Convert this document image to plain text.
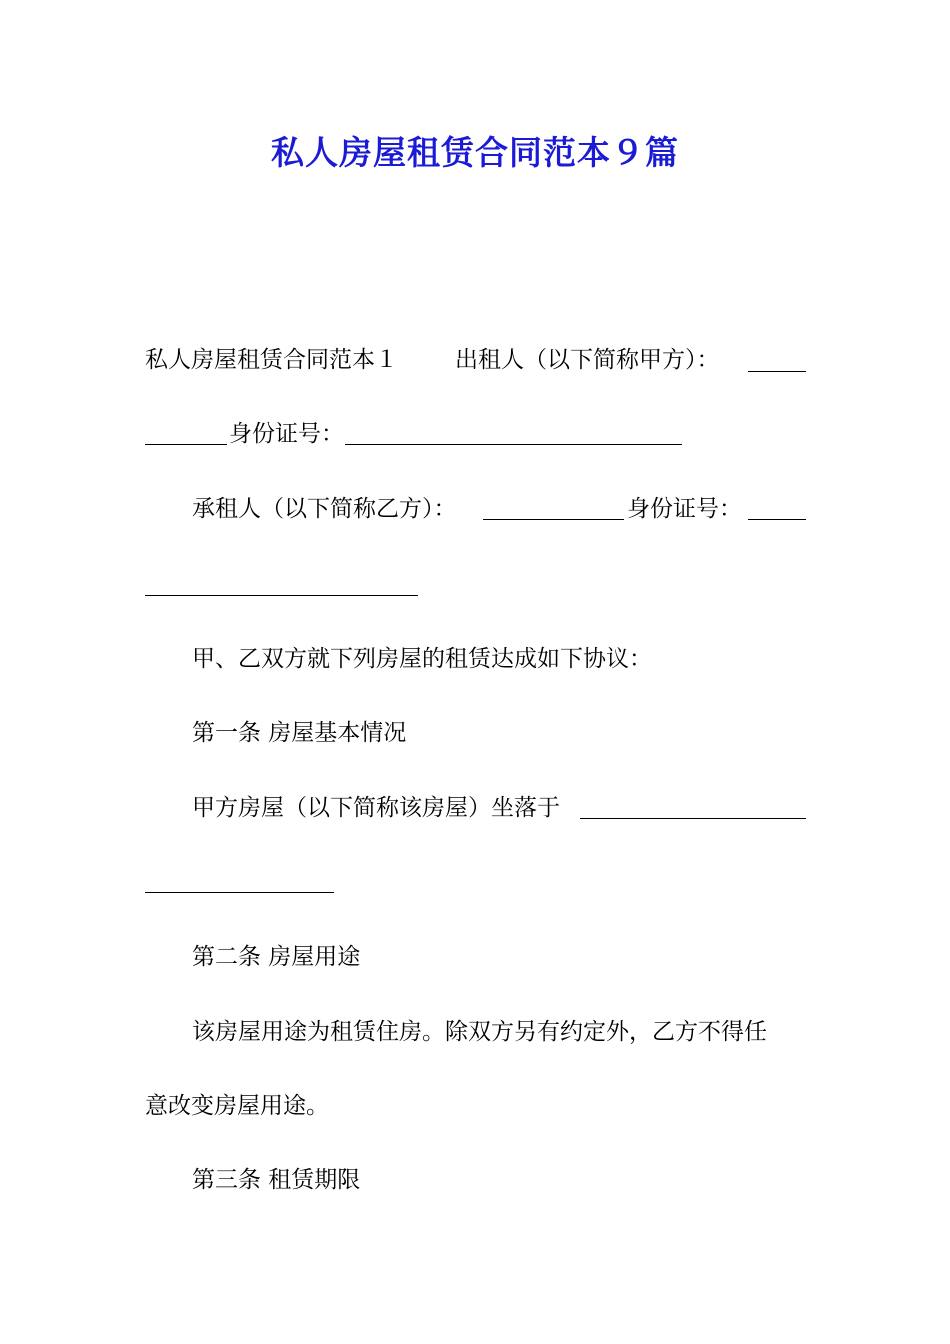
私人房屋租赁合同范本９篇
私人房屋租赁合同范本１ 出租人（以下简称甲方）：
身份证号：
承租人（以下简称乙方）：	身份证号：
甲、乙双方就下列房屋的租赁达成如下协议：
第一条 房屋基本情况
甲方房屋（以下简称该房屋）坐落于
第二条 房屋用途
该房屋用途为租赁住房。除双方另有约定外，乙方不得任
意改变房屋用途。
第三条 租赁期限
